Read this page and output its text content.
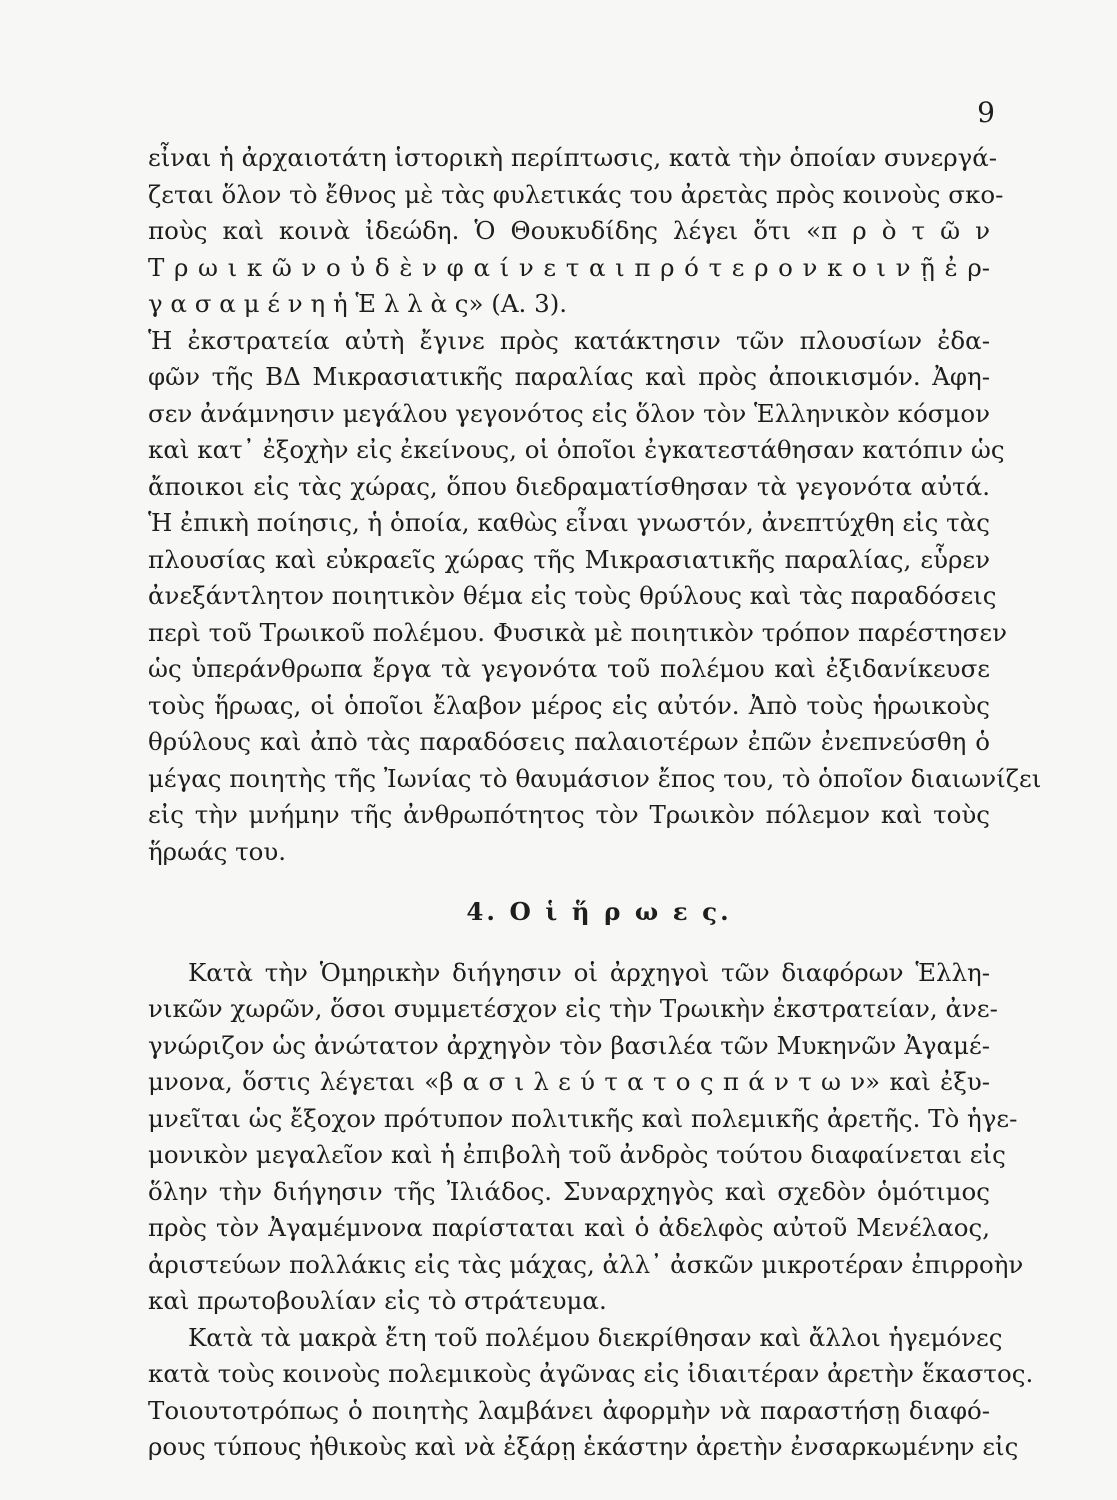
9
εἶναι ἡ ἀρχαιοτάτη ἱστορικὴ περίπτωσις, κατὰ τὴν ὁποίαν συνεργά-
ζεται ὅλον τὸ ἔθνος μὲ τὰς φυλετικάς του ἀρετὰς πρὸς κοινοὺς σκο-
ποὺς καὶ κοινὰ ἰδεώδη. Ὁ Θουκυδίδης λέγει ὅτι «π ρ ὸ τ ῶ ν
Τ ρ ω ι κ ῶ ν ο ὐ δ ὲ ν φ α ί ν ε τ α ι π ρ ό τ ε ρ ο ν κ ο ι ν ῇ ἐ ρ-
γ α σ α μ έ ν η ἡ Ἑ λ λ ὰ ς» (Α. 3).
Ἡ ἐκστρατεία αὐτὴ ἔγινε πρὸς κατάκτησιν τῶν πλουσίων ἐδα-
φῶν τῆς ΒΔ Μικρασιατικῆς παραλίας καὶ πρὸς ἀποικισμόν. Ἀφη-
σεν ἀνάμνησιν μεγάλου γεγονότος εἰς ὅλον τὸν Ἑλληνικὸν κόσμον
καὶ κατ᾽ ἐξοχὴν εἰς ἐκείνους, οἱ ὁποῖοι ἐγκατεστάθησαν κατόπιν ὡς
ἄποικοι εἰς τὰς χώρας, ὅπου διεδραματίσθησαν τὰ γεγονότα αὐτά.
Ἡ ἐπικὴ ποίησις, ἡ ὁποία, καθὼς εἶναι γνωστόν, ἀνεπτύχθη εἰς τὰς
πλουσίας καὶ εὐκραεῖς χώρας τῆς Μικρασιατικῆς παραλίας, εὗρεν
ἀνεξάντλητον ποιητικὸν θέμα εἰς τοὺς θρύλους καὶ τὰς παραδόσεις
περὶ τοῦ Τρωικοῦ πολέμου. Φυσικὰ μὲ ποιητικὸν τρόπον παρέστησεν
ὡς ὑπεράνθρωπα ἔργα τὰ γεγονότα τοῦ πολέμου καὶ ἐξιδανίκευσε
τοὺς ἥρωας, οἱ ὁποῖοι ἔλαβον μέρος εἰς αὐτόν. Ἀπὸ τοὺς ἡρωικοὺς
θρύλους καὶ ἀπὸ τὰς παραδόσεις παλαιοτέρων ἐπῶν ἐνεπνεύσθη ὁ
μέγας ποιητὴς τῆς Ἰωνίας τὸ θαυμάσιον ἔπος του, τὸ ὁποῖον διαιωνίζει
εἰς τὴν μνήμην τῆς ἀνθρωπότητος τὸν Τρωικὸν πόλεμον καὶ τοὺς
ἥρωάς του.
4. Ο ἱ ἥ ρ ω ε ς.
Κατὰ τὴν Ὁμηρικὴν διήγησιν οἱ ἀρχηγοὶ τῶν διαφόρων Ἑλλη-
νικῶν χωρῶν, ὅσοι συμμετέσχον εἰς τὴν Τρωικὴν ἐκστρατείαν, ἀνε-
γνώριζον ὡς ἀνώτατον ἀρχηγὸν τὸν βασιλέα τῶν Μυκηνῶν Ἀγαμέ-
μνονα, ὅστις λέγεται «β α σ ι λ ε ύ τ α τ ο ς π ά ν τ ω ν» καὶ ἐξυ-
μνεῖται ὡς ἔξοχον πρότυπον πολιτικῆς καὶ πολεμικῆς ἀρετῆς. Τὸ ἡγε-
μονικὸν μεγαλεῖον καὶ ἡ ἐπιβολὴ τοῦ ἀνδρὸς τούτου διαφαίνεται εἰς
ὅλην τὴν διήγησιν τῆς Ἰλιάδος. Συναρχηγὸς καὶ σχεδὸν ὁμότιμος
πρὸς τὸν Ἀγαμέμνονα παρίσταται καὶ ὁ ἀδελφὸς αὐτοῦ Μενέλαος,
ἀριστεύων πολλάκις εἰς τὰς μάχας, ἀλλ᾽ ἀσκῶν μικροτέραν ἐπιρροὴν
καὶ πρωτοβουλίαν εἰς τὸ στράτευμα.
Κατὰ τὰ μακρὰ ἔτη τοῦ πολέμου διεκρίθησαν καὶ ἄλλοι ἡγεμόνες
κατὰ τοὺς κοινοὺς πολεμικοὺς ἀγῶνας εἰς ἰδιαιτέραν ἀρετὴν ἕκαστος.
Τοιουτοτρόπως ὁ ποιητὴς λαμβάνει ἀφορμὴν νὰ παραστήσῃ διαφό-
ρους τύπους ἠθικοὺς καὶ νὰ ἐξάρῃ ἑκάστην ἀρετὴν ἐνσαρκωμένην εἰς
